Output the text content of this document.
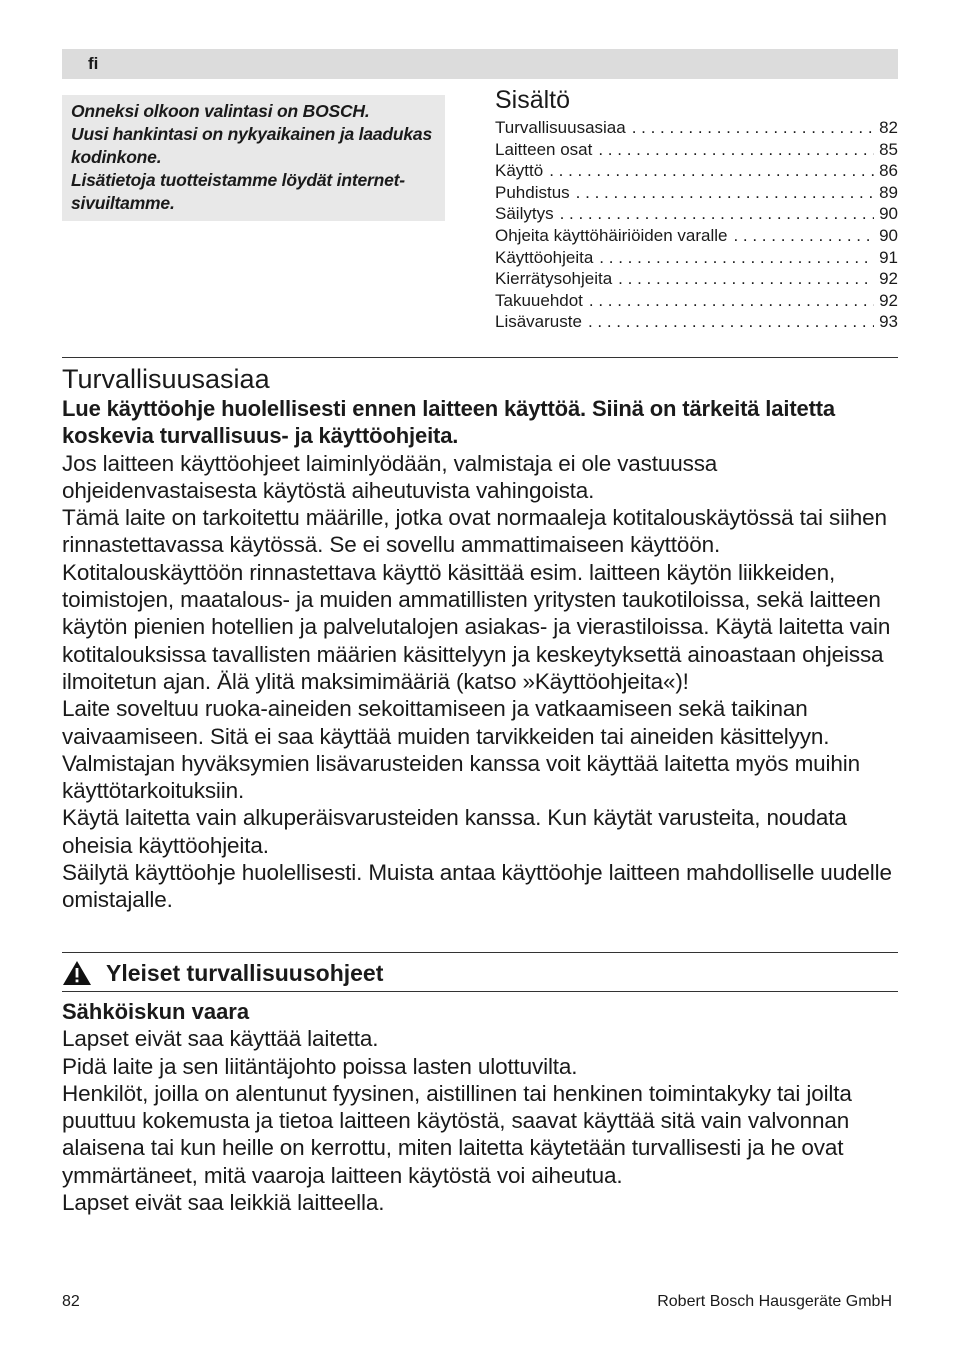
fi

Onneksi olkoon valintasi on BOSCH.

Uusi hankintasi on nykyaikainen ja laadukas kodinkone.

Lisätietoja tuotteistamme löydät internet-sivuiltamme.

Sisältö
Turvallisuusasiaa . . .	82
Laitteen osat . . .	85
Käyttö . . .	86
Puhdistus . . .	89
Säilytys . . .	90
Ohjeita käyttöhäiriöiden varalle . . .	90
Käyttöohjeita . . .	91
Kierrätysohjeita . . .	92
Takuuehdot . . .	92
Lisävaruste . . .	93
Turvallisuusasiaa

Lue käyttöohje huolellisesti ennen laitteen käyttöä. Siinä on tärkeitä laitetta koskevia turvallisuus- ja käyttöohjeita.

Jos laitteen käyttöohjeet laiminlyödään, valmistaja ei ole vastuussa ohjeidenvastaisesta käytöstä aiheutuvista vahingoista.

Tämä laite on tarkoitettu määrille, jotka ovat normaaleja kotitalouskäytössä tai siihen rinnastettavassa käytössä. Se ei sovellu ammattimaiseen käyttöön. Kotitalouskäyttöön rinnastettava käyttö käsittää esim. laitteen käytön liikkeiden, toimistojen, maatalous- ja muiden ammatillisten yritysten taukotiloissa, sekä laitteen käytön pienien hotellien ja palvelutalojen asiakas- ja vierastiloissa. Käytä laitetta vain kotitalouksissa tavallisten määrien käsittelyyn ja keskeytyksettä ainoastaan ohjeissa ilmoitetun ajan. Älä ylitä maksimimääriä (katso »Käyttöohjeita«)!

Laite soveltuu ruoka-aineiden sekoittamiseen ja vatkaamiseen sekä taikinan vaivaamiseen. Sitä ei saa käyttää muiden tarvikkeiden tai aineiden käsittelyyn. Valmistajan hyväksymien lisävarusteiden kanssa voit käyttää laitetta myös muihin käyttötarkoituksiin.

Käytä laitetta vain alkuperäisvarusteiden kanssa. Kun käytät varusteita, noudata oheisia käyttöohjeita.

Säilytä käyttöohje huolellisesti. Muista antaa käyttöohje laitteen mahdolliselle uudelle omistajalle.

Yleiset turvallisuusohjeet
Sähköiskun vaara

Lapset eivät saa käyttää laitetta.

Pidä laite ja sen liitäntäjohto poissa lasten ulottuvilta.

Henkilöt, joilla on alentunut fyysinen, aistillinen tai henkinen toimintakyky tai joilta puuttuu kokemusta ja tietoa laitteen käytöstä, saavat käyttää sitä vain valvonnan alaisena tai kun heille on kerrottu, miten laitetta käytetään turvallisesti ja he ovat ymmärtäneet, mitä vaaroja laitteen käytöstä voi aiheutua.

Lapset eivät saa leikkiä laitteella.

82	Robert Bosch Hausgeräte GmbH
